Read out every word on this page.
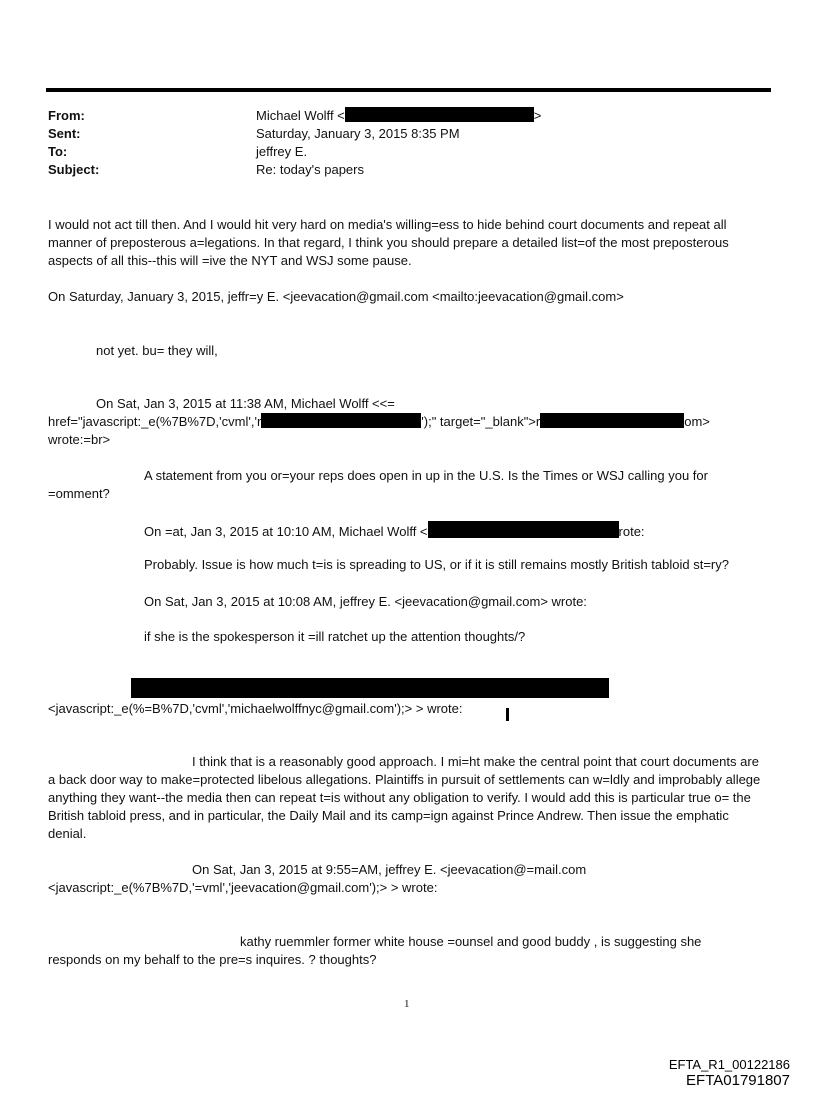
From:	Michael Wolff <	>
Sent:	Saturday, January 3, 2015 8:35 PM
To:	jeffrey E.
Subject:	Re: today's papers
I would not act till then. And I would hit very hard on media's willing=ess to hide behind court documents and repeat all manner of preposterous a=legations. In that regard, I think you should prepare a detailed list=of the most preposterous aspects of all this--this will =ive the NYT and WSJ some pause.
On Saturday, January 3, 2015, jeffr=y E. <jeevacation@gmail.com <mailto:jeevacation@gmail.com>
not yet. bu= they will,
On Sat, Jan 3, 2015 at 11:38 AM, Michael Wolff <<=
href="javascript:_e(%7B%7D,'cvml','r	');" target="_blank">r	om>
wrote:=br>
A statement from you or=your reps does open in up in the U.S. Is the Times or WSJ calling you for
=omment?
On =at, Jan 3, 2015 at 10:10 AM, Michael Wolff <	rote:
Probably. Issue is how much t=is is spreading to US, or if it is still remains mostly British tabloid st=ry?
On Sat, Jan 3, 2015 at 10:08 AM, jeffrey E. <jeevacation@gmail.com> wrote:
if she is the spokesperson it =ill ratchet up the attention thoughts/?
<javascript:_e(%=B%7D,'cvml','michaelwolffnyc@gmail.com');> > wrote:
I think that is a reasonably good approach. I mi=ht make the central point that court documents are a back door way to make=protected libelous allegations. Plaintiffs in pursuit of settlements can w=ldly and improbably allege anything they want--the media then can repeat t=is without any obligation to verify. I would add this is particular true o= the British tabloid press, and in particular, the Daily Mail and its camp=ign against Prince Andrew. Then issue the emphatic denial.
On Sat, Jan 3, 2015 at 9:55=AM, jeffrey E. <jeevacation@=mail.com
<javascript:_e(%7B%7D,'=vml','jeevacation@gmail.com');> > wrote:
kathy ruemmler former white house =ounsel and good buddy , is suggesting she
responds on my behalf to the pre=s inquires. ? thoughts?
1
EFTA_R1_00122186
EFTA01791807
